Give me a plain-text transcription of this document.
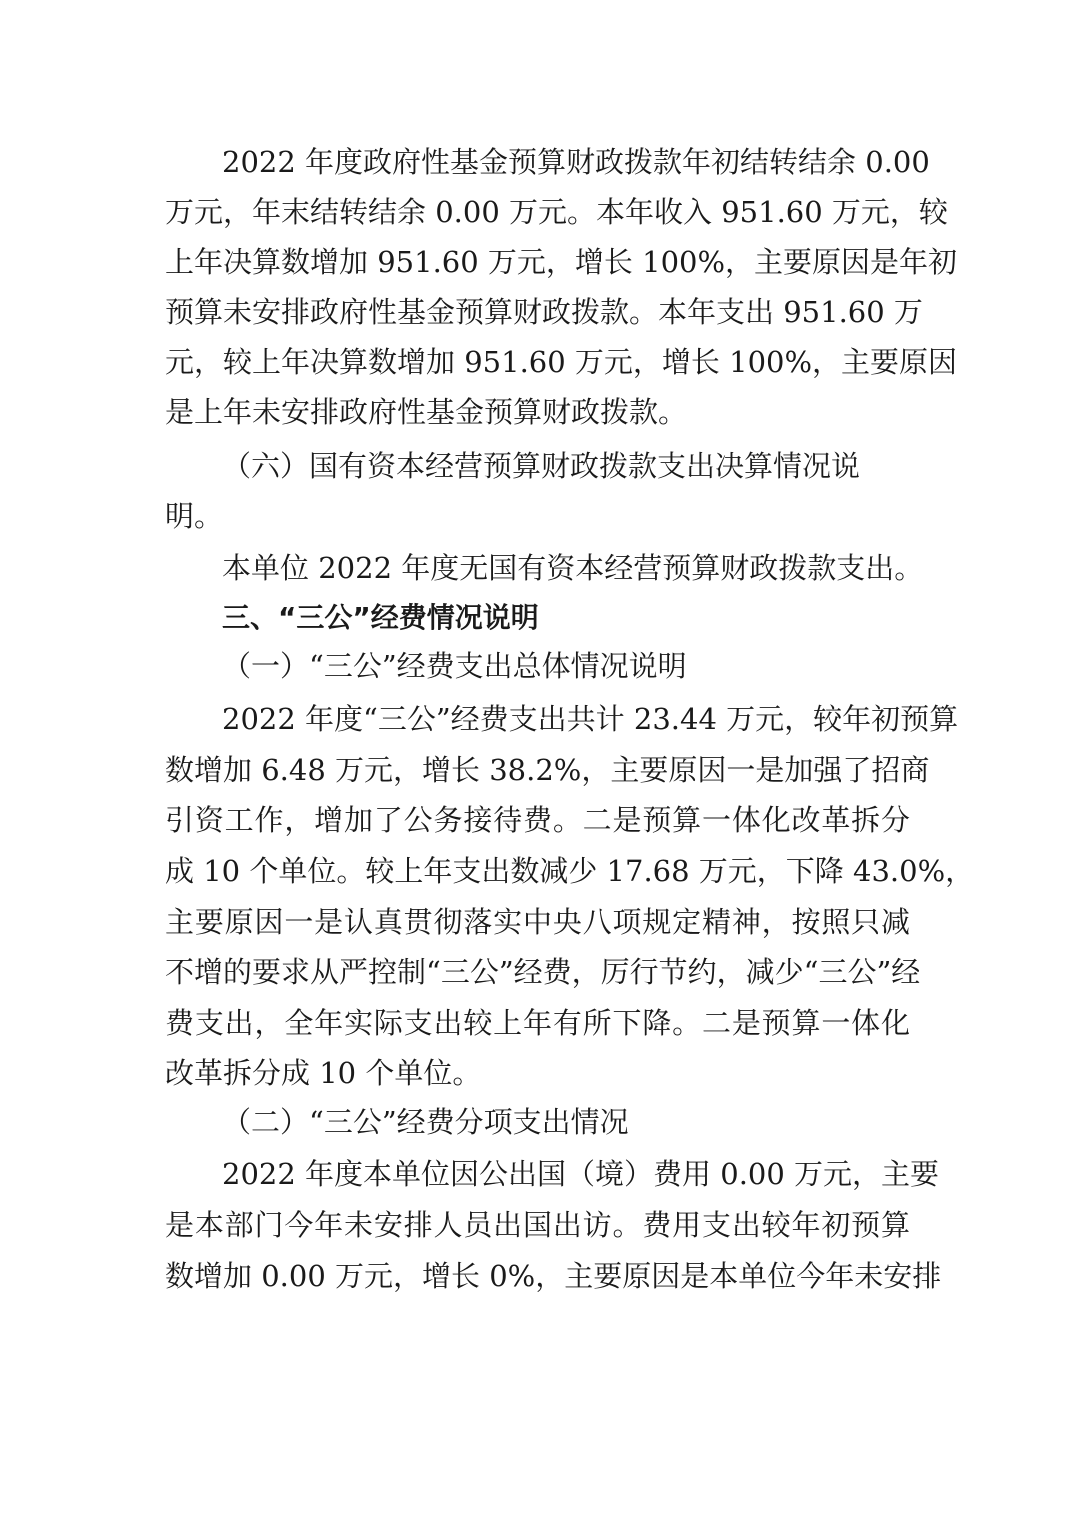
2022 年度政府性基金预算财政拨款年初结转结余 0.00
万元，年末结转结余 0.00 万元。本年收入 951.60 万元，较
上年决算数增加 951.60 万元，增长 100%，主要原因是年初
预算未安排政府性基金预算财政拨款。本年支出 951.60 万
元，较上年决算数增加 951.60 万元，增长 100%，主要原因
是上年未安排政府性基金预算财政拨款。
（六）国有资本经营预算财政拨款支出决算情况说
明。
本单位 2022 年度无国有资本经营预算财政拨款支出。
三、“三公”经费情况说明
（一）“三公”经费支出总体情况说明
2022 年度“三公”经费支出共计 23.44 万元，较年初预算
数增加 6.48 万元，增长 38.2%，主要原因一是加强了招商
引资工作，增加了公务接待费。二是预算一体化改革拆分
成 10 个单位。较上年支出数减少 17.68 万元，下降 43.0%，
主要原因一是认真贯彻落实中央八项规定精神，按照只减
不增的要求从严控制“三公”经费，厉行节约，减少“三公”经
费支出，全年实际支出较上年有所下降。二是预算一体化
改革拆分成 10 个单位。
（二）“三公”经费分项支出情况
2022 年度本单位因公出国（境）费用 0.00 万元，主要
是本部门今年未安排人员出国出访。费用支出较年初预算
数增加 0.00 万元，增长 0%，主要原因是本单位今年未安排
